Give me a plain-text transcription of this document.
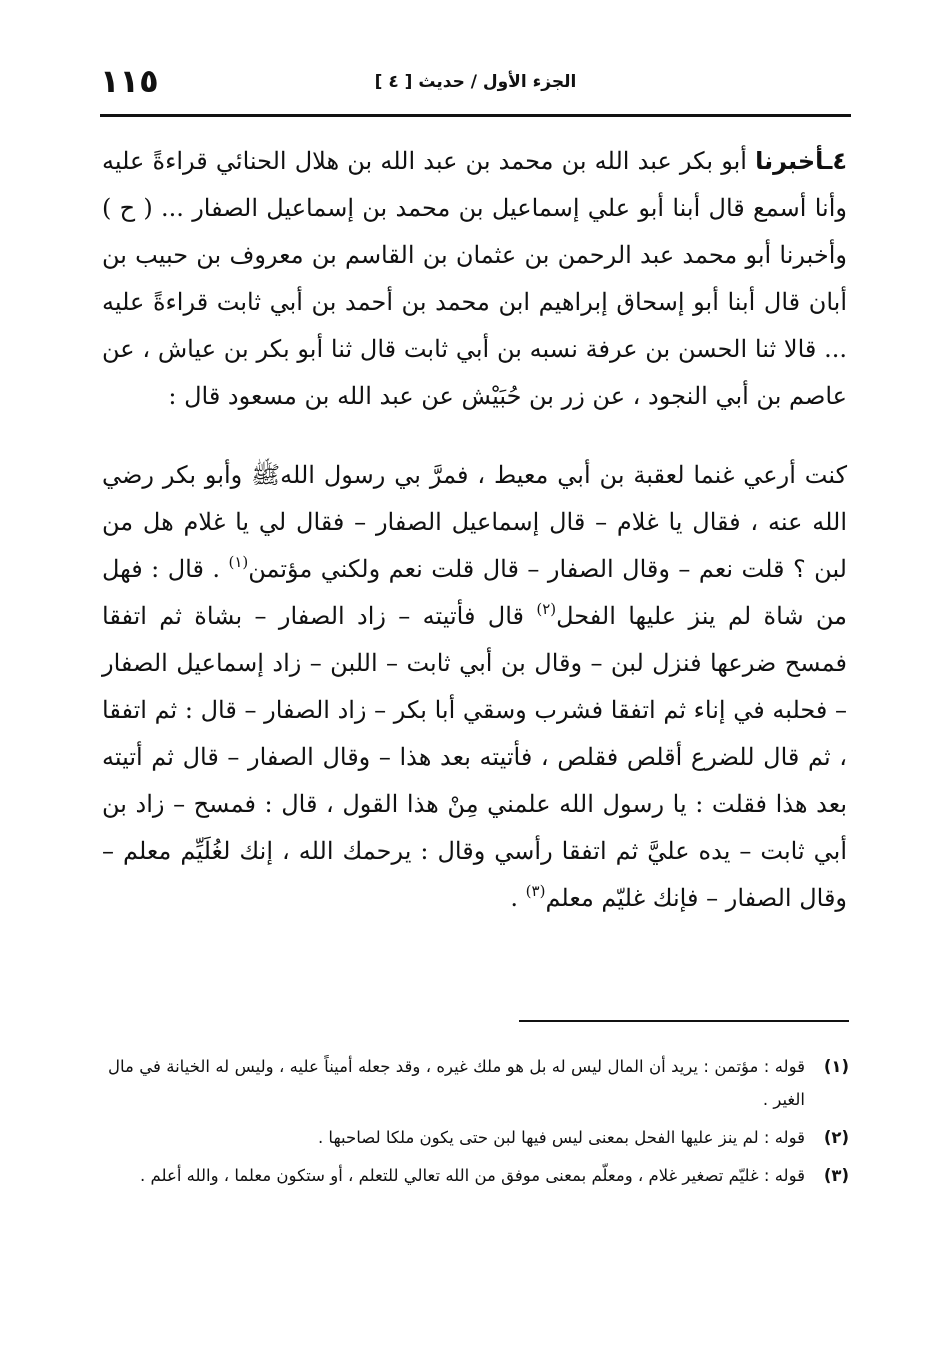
١١٥	الجزء الأول / حديث [ ٤ ]
٤ـأخبرنا أبو بكر عبد الله بن محمد بن عبد الله بن هلال الحنائي قراءةً عليه وأنا أسمع قال أبنا أبو علي إسماعيل بن محمد بن إسماعيل الصفار ... ( ح ) وأخبرنا أبو محمد عبد الرحمن بن عثمان بن القاسم بن معروف بن حبيب بن أبان قال أبنا أبو إسحاق إبراهيم ابن محمد بن أحمد بن أبي ثابت قراءةً عليه ... قالا ثنا الحسن بن عرفة نسبه بن أبي ثابت قال ثنا أبو بكر بن عياش ، عن عاصم بن أبي النجود ، عن زر بن حُبَيْش عن عبد الله بن مسعود قال :
كنت أرعي غنما لعقبة بن أبي معيط ، فمرَّ بي رسول اللهﷺ وأبو بكر رضي الله عنه ، فقال يا غلام – قال إسماعيل الصفار – فقال لي يا غلام هل من لبن ؟ قلت نعم – وقال الصفار – قال قلت نعم ولكني مؤتمن$^{(١)}$ . قال : فهل من شاة لم ينز عليها الفحل$^{(٢)}$ قال فأتيته – زاد الصفار – بشاة ثم اتفقا فمسح ضرعها فنزل لبن – وقال بن أبي ثابت – اللبن – زاد إسماعيل الصفار – فحلبه في إناء ثم اتفقا فشرب وسقي أبا بكر – زاد الصفار – قال : ثم اتفقا ، ثم قال للضرع أقلص فقلص ، فأتيته بعد هذا – وقال الصفار – قال ثم أتيته بعد هذا فقلت : يا رسول الله علمني مِنْ هذا القول ، قال : فمسح – زاد بن أبي ثابت – يده عليَّ ثم اتفقا رأسي وقال : يرحمك الله ، إنك لغُلَيِّم معلم – وقال الصفار – فإنك غليّم معلم$^{(٣)}$ .
(١)
قوله : مؤتمن : يريد أن المال ليس له بل هو ملك غيره ، وقد جعله أميناً عليه ، وليس له الخيانة في مال الغير .
(٢)
قوله : لم ينز عليها الفحل بمعنى ليس فيها لبن حتى يكون ملكا لصاحبها .
(٣)
قوله : غليّم تصغير غلام ، ومعلّم بمعنى موفق من الله تعالي للتعلم ، أو ستكون معلما ، والله أعلم .
